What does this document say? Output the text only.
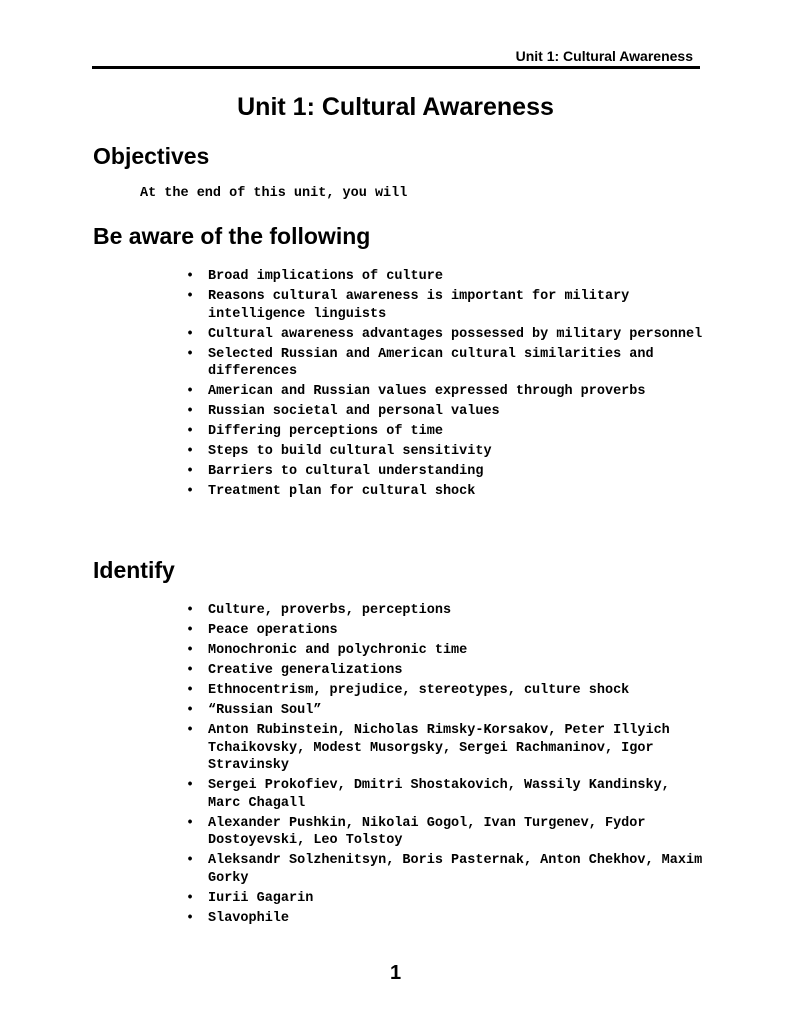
Unit 1: Cultural Awareness
Unit 1: Cultural Awareness
Objectives

At the end of this unit, you will

Be aware of the following
• Broad implications of culture
• Reasons cultural awareness is important for military intelligence linguists
• Cultural awareness advantages possessed by military personnel
• Selected Russian and American cultural similarities and differences
• American and Russian values expressed through proverbs
• Russian societal and personal values
• Differing perceptions of time
• Steps to build cultural sensitivity
• Barriers to cultural understanding
• Treatment plan for cultural shock
Identify
• Culture, proverbs, perceptions
• Peace operations
• Monochronic and polychronic time
• Creative generalizations
• Ethnocentrism, prejudice, stereotypes, culture shock
• “Russian Soul”
• Anton Rubinstein, Nicholas Rimsky-Korsakov, Peter Illyich Tchaikovsky, Modest Musorgsky, Sergei Rachmaninov, Igor Stravinsky
• Sergei Prokofiev, Dmitri Shostakovich, Wassily Kandinsky, Marc Chagall
• Alexander Pushkin, Nikolai Gogol, Ivan Turgenev, Fydor Dostoyevski, Leo Tolstoy
• Aleksandr Solzhenitsyn, Boris Pasternak, Anton Chekhov, Maxim Gorky
• Iurii Gagarin
• Slavophile
1
